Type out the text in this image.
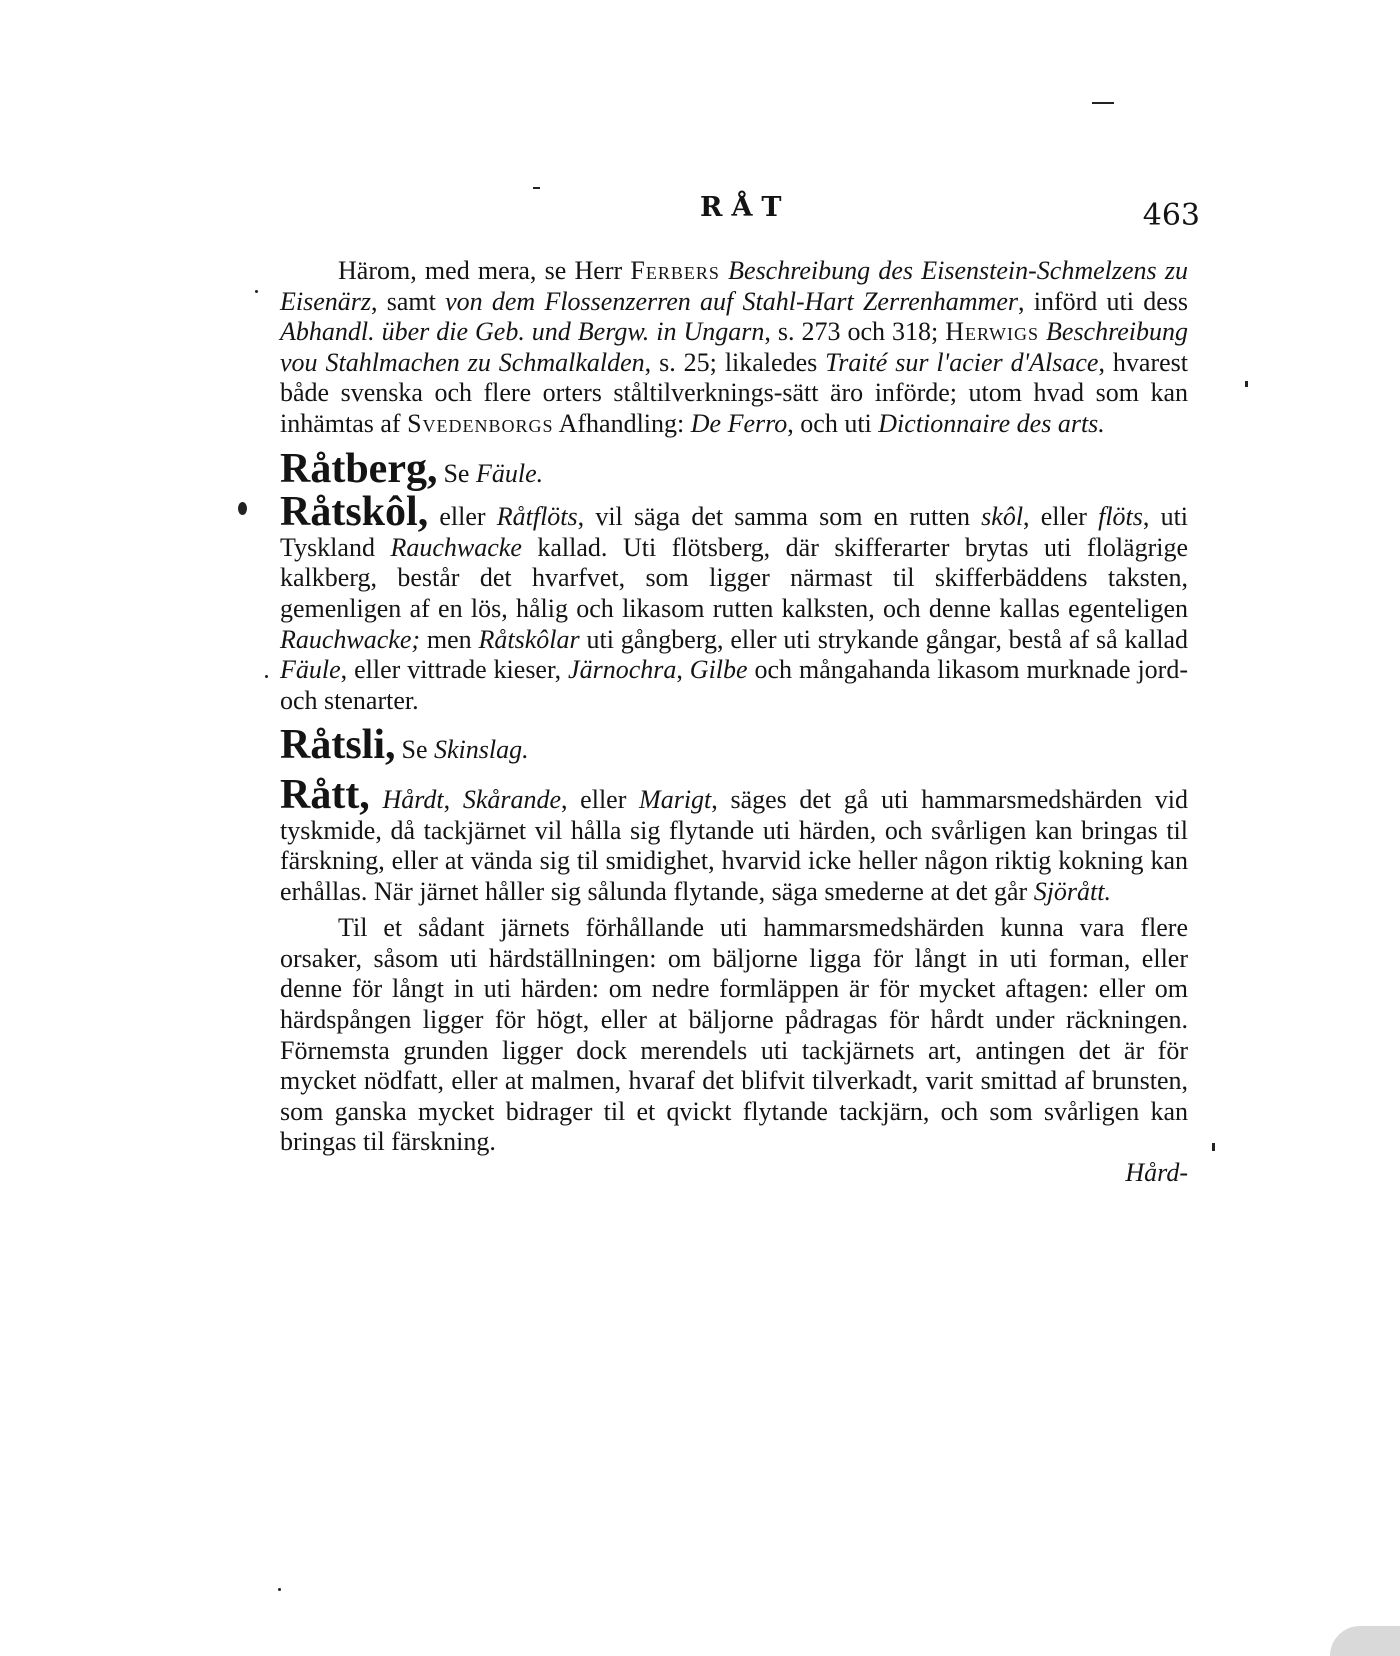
RÅT	463

Härom, med mera, se Herr Ferbers Beschreibung des Eisenstein-Schmelzens zu Eisenärz, samt von dem Flossenzerren auf Stahl-Hart Zerrenhammer, införd uti dess Abhandl. über die Geb. und Bergw. in Ungarn, s. 273 och 318; Herwigs Beschreibung vou Stahlmachen zu Schmalkalden, s. 25; likaledes Traité sur l'acier d'Alsace, hvarest både svenska och flere orters ståltilverknings-sätt äro införde; utom hvad som kan inhämtas af Svedenborgs Afhandling: De Ferro, och uti Dictionnaire des arts.

Råtberg, Se Fäule.

Råtskôl, eller Råtflöts, vil säga det samma som en rutten skôl, eller flöts, uti Tyskland Rauchwacke kallad. Uti flötsberg, där skifferarter brytas uti flolägrige kalkberg, består det hvarfvet, som ligger närmast til skifferbäddens taksten, gemenligen af en lös, hålig och likasom rutten kalksten, och denne kallas egenteligen Rauchwacke; men Råtskôlar uti gångberg, eller uti strykande gångar, bestå af så kallad Fäule, eller vittrade kieser, Järnochra, Gilbe och mångahanda likasom murknade jord- och stenarter.

Råtsli, Se Skinslag.

Rått, Hårdt, Skårande, eller Marigt, säges det gå uti hammarsmedshärden vid tyskmide, då tackjärnet vil hålla sig flytande uti härden, och svårligen kan bringas til färskning, eller at vända sig til smidighet, hvarvid icke heller någon riktig kokning kan erhållas. När järnet håller sig sålunda flytande, säga smederne at det går Sjörått.

Til et sådant järnets förhållande uti hammarsmedshärden kunna vara flere orsaker, såsom uti härdställningen: om bäljorne ligga för långt in uti forman, eller denne för långt in uti härden: om nedre formläppen är för mycket aftagen: eller om härdspången ligger för högt, eller at bäljorne pådragas för hårdt under räckningen. Förnemsta grunden ligger dock merendels uti tackjärnets art, antingen det är för mycket nödfatt, eller at malmen, hvaraf det blifvit tilverkadt, varit smittad af brunsten, som ganska mycket bidrager til et qvickt flytande tackjärn, och som svårligen kan bringas til färskning.

Hård-
